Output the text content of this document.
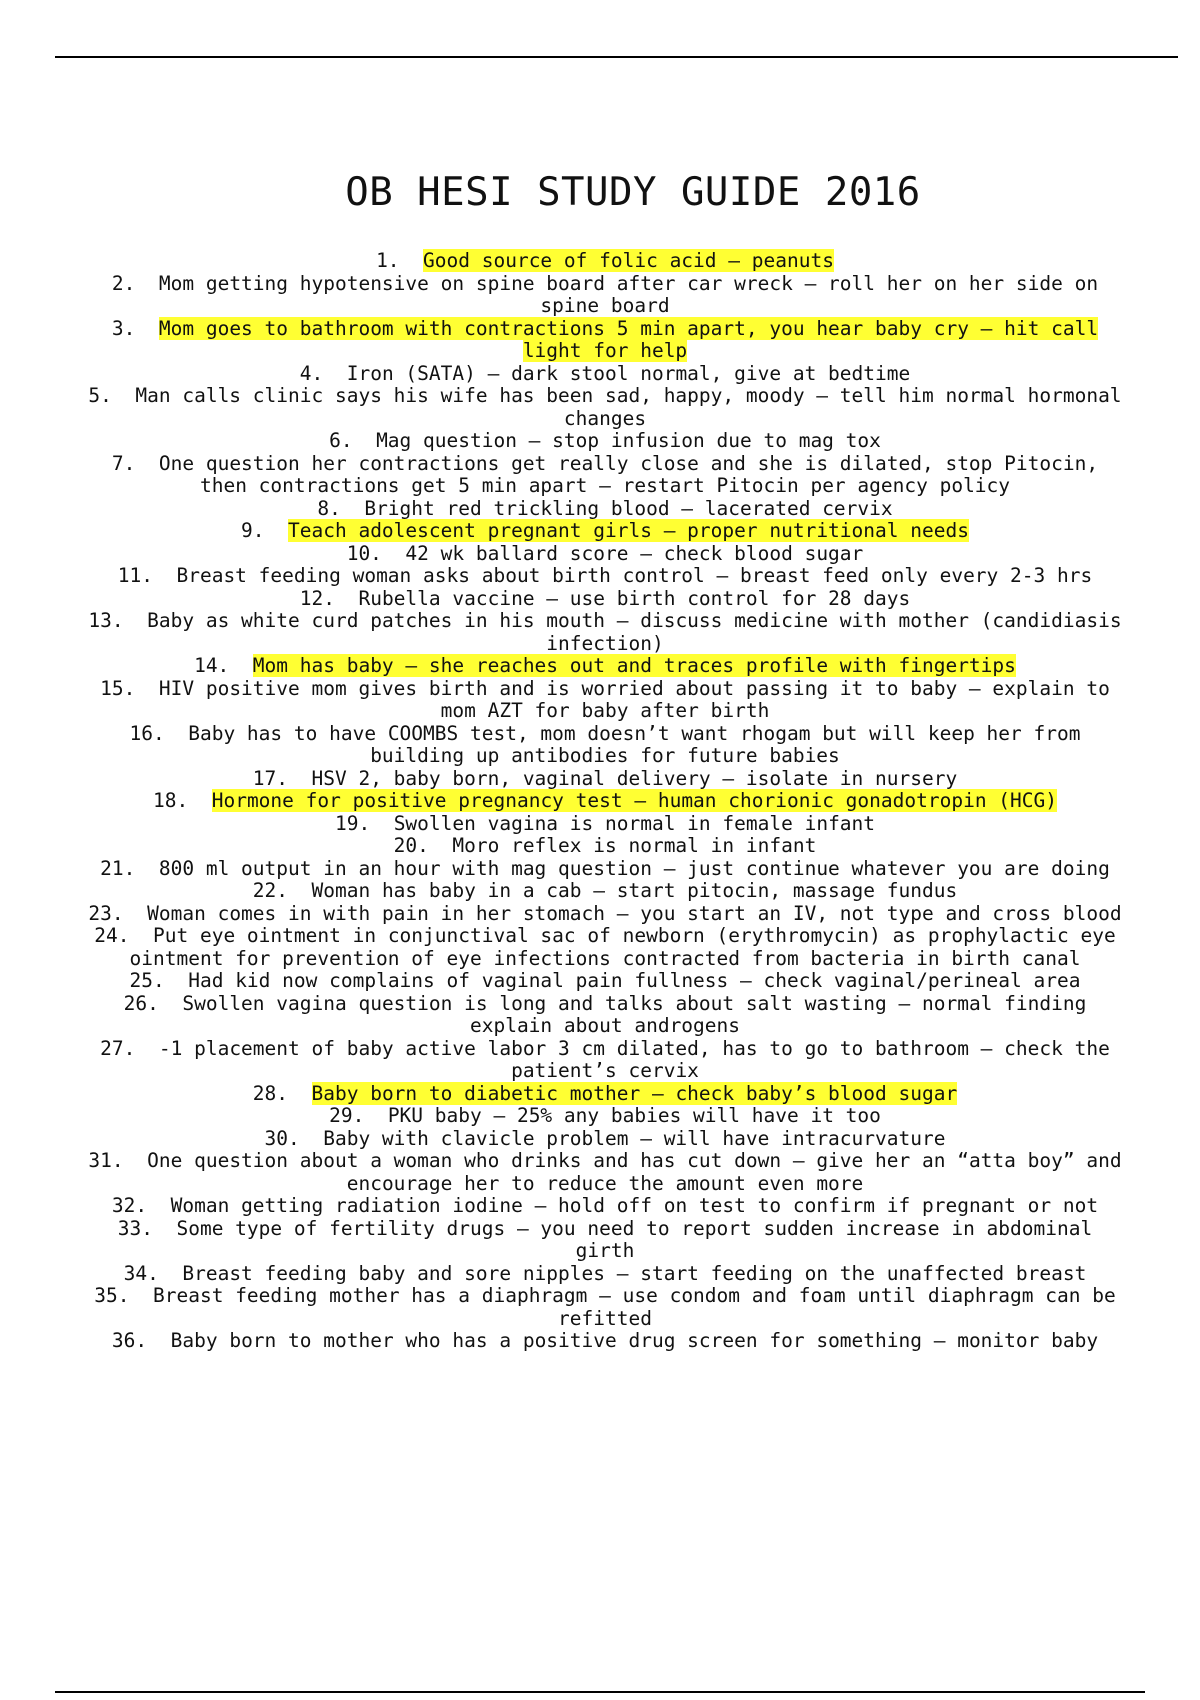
OB HESI STUDY GUIDE 2016
1. Good source of folic acid – peanuts
2. Mom getting hypotensive on spine board after car wreck – roll her on her side on spine board
3. Mom goes to bathroom with contractions 5 min apart, you hear baby cry – hit call light for help
4. Iron (SATA) – dark stool normal, give at bedtime
5. Man calls clinic says his wife has been sad, happy, moody – tell him normal hormonal changes
6. Mag question – stop infusion due to mag tox
7. One question her contractions get really close and she is dilated, stop Pitocin, then contractions get 5 min apart – restart Pitocin per agency policy
8. Bright red trickling blood – lacerated cervix
9. Teach adolescent pregnant girls – proper nutritional needs
10. 42 wk ballard score – check blood sugar
11. Breast feeding woman asks about birth control – breast feed only every 2-3 hrs
12. Rubella vaccine – use birth control for 28 days
13. Baby as white curd patches in his mouth – discuss medicine with mother (candidiasis infection)
14. Mom has baby – she reaches out and traces profile with fingertips
15. HIV positive mom gives birth and is worried about passing it to baby – explain to mom AZT for baby after birth
16. Baby has to have COOMBS test, mom doesn’t want rhogam but will keep her from building up antibodies for future babies
17. HSV 2, baby born, vaginal delivery – isolate in nursery
18. Hormone for positive pregnancy test – human chorionic gonadotropin (HCG)
19. Swollen vagina is normal in female infant
20. Moro reflex is normal in infant
21. 800 ml output in an hour with mag question – just continue whatever you are doing
22. Woman has baby in a cab – start pitocin, massage fundus
23. Woman comes in with pain in her stomach – you start an IV, not type and cross blood
24. Put eye ointment in conjunctival sac of newborn (erythromycin) as prophylactic eye ointment for prevention of eye infections contracted from bacteria in birth canal
25. Had kid now complains of vaginal pain fullness – check vaginal/perineal area
26. Swollen vagina question is long and talks about salt wasting – normal finding explain about androgens
27. -1 placement of baby active labor 3 cm dilated, has to go to bathroom – check the patient’s cervix
28. Baby born to diabetic mother – check baby’s blood sugar
29. PKU baby – 25% any babies will have it too
30. Baby with clavicle problem – will have intracurvature
31. One question about a woman who drinks and has cut down – give her an “atta boy” and encourage her to reduce the amount even more
32. Woman getting radiation iodine – hold off on test to confirm if pregnant or not
33. Some type of fertility drugs – you need to report sudden increase in abdominal girth
34. Breast feeding baby and sore nipples – start feeding on the unaffected breast
35. Breast feeding mother has a diaphragm – use condom and foam until diaphragm can be refitted
36. Baby born to mother who has a positive drug screen for something – monitor baby
